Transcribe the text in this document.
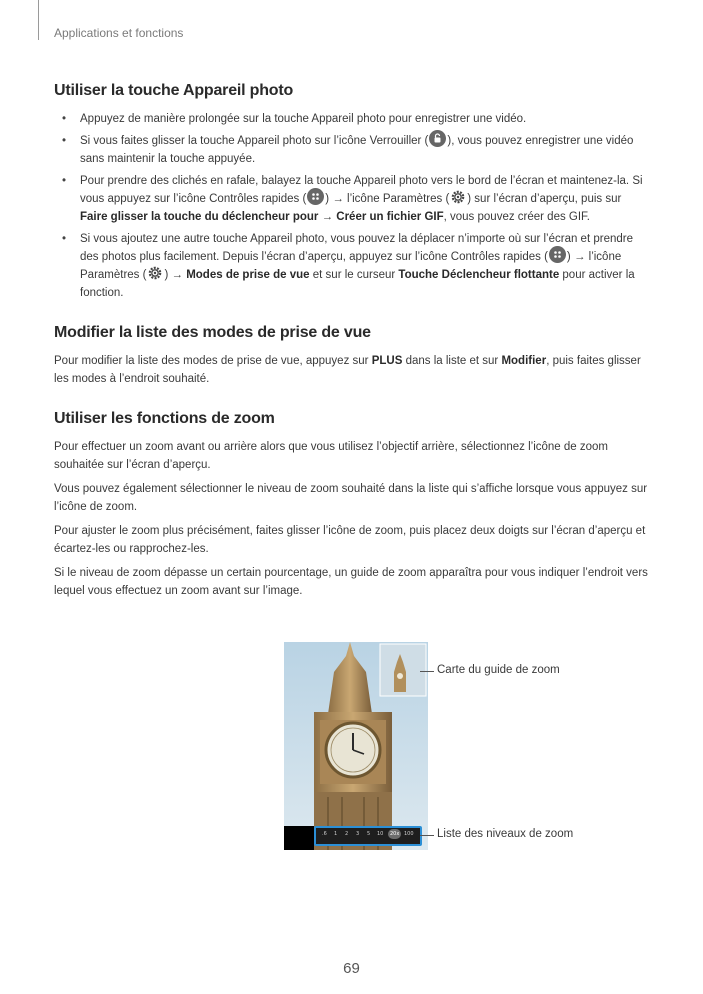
Applications et fonctions
Utiliser la touche Appareil photo
• Appuyez de manière prolongée sur la touche Appareil photo pour enregistrer une vidéo.
• Si vous faites glisser la touche Appareil photo sur l’icône Verrouiller ( ), vous pouvez enregistrer une vidéo sans maintenir la touche appuyée.
• Pour prendre des clichés en rafale, balayez la touche Appareil photo vers le bord de l’écran et maintenez-la. Si vous appuyez sur l’icône Contrôles rapides ( ) → l’icône Paramètres ( ) sur l’écran d’aperçu, puis sur Faire glisser la touche du déclencheur pour → Créer un fichier GIF, vous pouvez créer des GIF.
• Si vous ajoutez une autre touche Appareil photo, vous pouvez la déplacer n’importe où sur l’écran et prendre des photos plus facilement. Depuis l’écran d’aperçu, appuyez sur l’icône Contrôles rapides ( ) → l’icône Paramètres ( ) → Modes de prise de vue et sur le curseur Touche Déclencheur flottante pour activer la fonction.
Modifier la liste des modes de prise de vue

Pour modifier la liste des modes de prise de vue, appuyez sur PLUS dans la liste et sur Modifier, puis faites glisser les modes à l’endroit souhaité.

Utiliser les fonctions de zoom

Pour effectuer un zoom avant ou arrière alors que vous utilisez l’objectif arrière, sélectionnez l’icône de zoom souhaitée sur l’écran d’aperçu.

Vous pouvez également sélectionner le niveau de zoom souhaité dans la liste qui s’affiche lorsque vous appuyez sur l’icône de zoom.

Pour ajuster le zoom plus précisément, faites glisser l’icône de zoom, puis placez deux doigts sur l’écran d’aperçu et écartez-les ou rapprochez-les.

Si le niveau de zoom dépasse un certain pourcentage, un guide de zoom apparaîtra pour vous indiquer l’endroit vers lequel vous effectuez un zoom avant sur l’image.

.6 1 2 3 5 10	20x 100
Carte du guide de zoom
Liste des niveaux de zoom
69
